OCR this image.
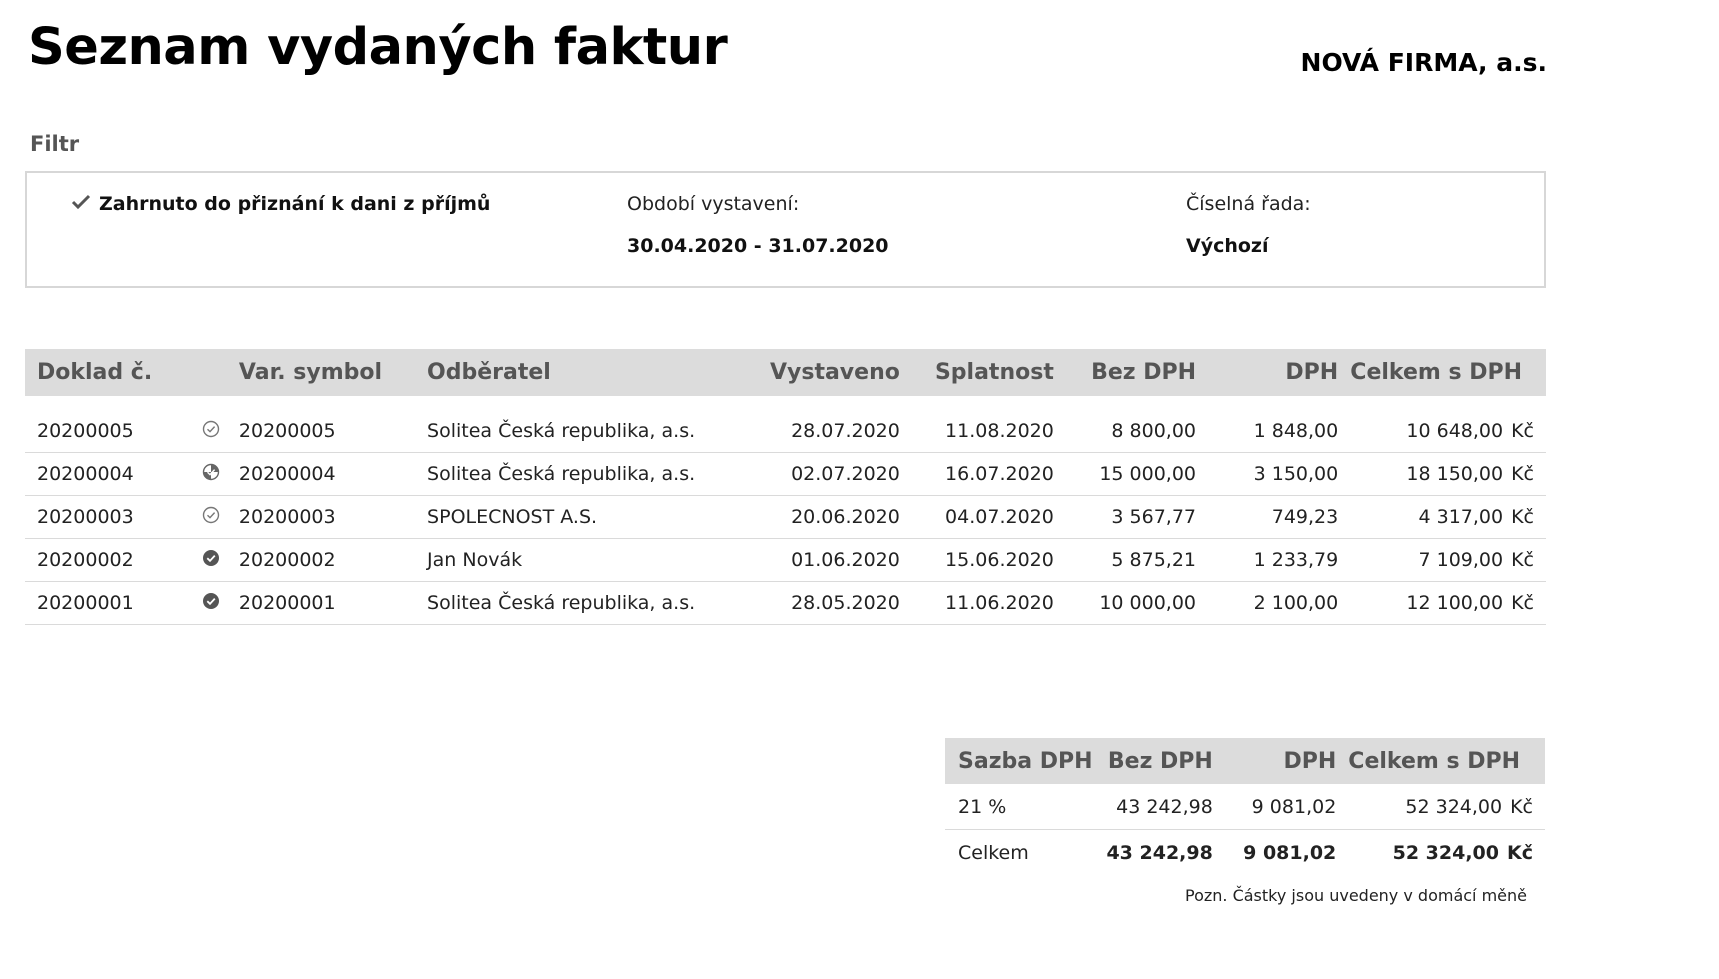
Seznam vydaných faktur	NOVÁ FIRMA, a.s.
Filtr
Zahrnuto do přiznání k dani z příjmů	Období vystavení:
30.04.2020 - 31.07.2020
Číselná řada:
Výchozí
Doklad č.		Var. symbol	Odběratel	Vystaveno	Splatnost	Bez DPH	DPH	Celkem s DPH
20200005		20200005	Solitea Česká republika, a.s.	28.07.2020	11.08.2020	8 800,00	1 848,00	10 648,00 Kč
20200004		20200004	Solitea Česká republika, a.s.	02.07.2020	16.07.2020	15 000,00	3 150,00	18 150,00 Kč
20200003		20200003	SPOLECNOST A.S.	20.06.2020	04.07.2020	3 567,77	749,23	4 317,00 Kč
20200002		20200002	Jan Novák	01.06.2020	15.06.2020	5 875,21	1 233,79	7 109,00 Kč
20200001		20200001	Solitea Česká republika, a.s.	28.05.2020	11.06.2020	10 000,00	2 100,00	12 100,00 Kč
Sazba DPH	Bez DPH	DPH	Celkem s DPH
21 %	43 242,98	9 081,02	52 324,00 Kč
Celkem	43 242,98	9 081,02	52 324,00 Kč
Pozn. Částky jsou uvedeny v domácí měně
